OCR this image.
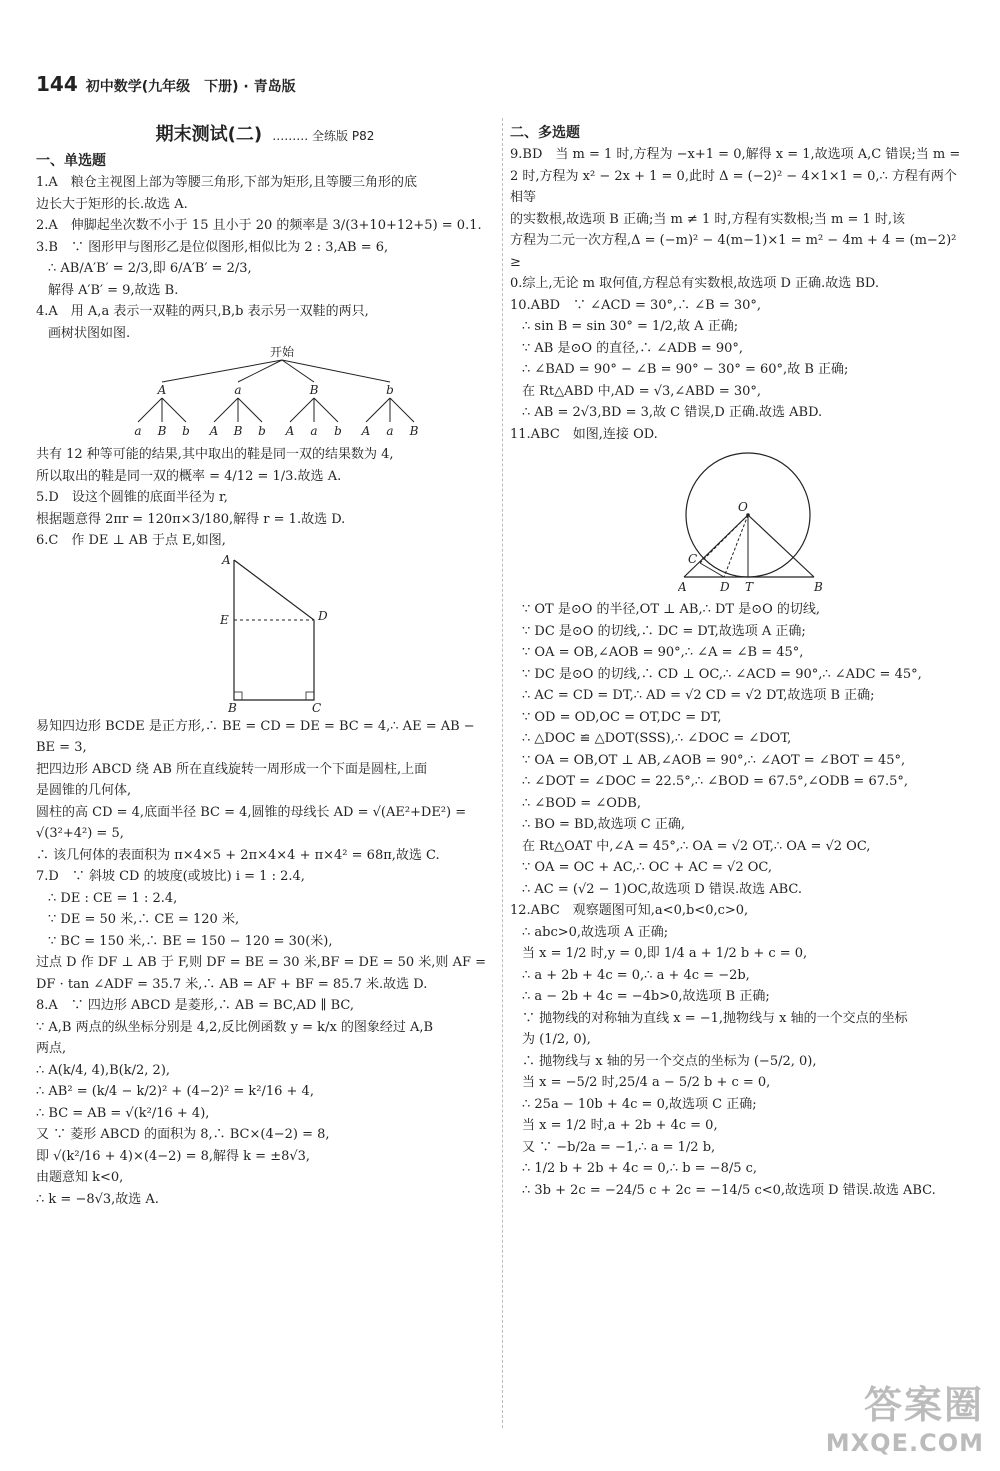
144 初中数学(九年级　下册) · 青岛版
期末测试(二) ……… 全练版 P82
一、单选题

1.A　粮仓主视图上部为等腰三角形,下部为矩形,且等腰三角形的底

边长大于矩形的长.故选 A.

2.A　伸脚起坐次数不小于 15 且小于 20 的频率是 3/(3+10+12+5) = 0.1.

3.B　∵ 图形甲与图形乙是位似图形,相似比为 2 : 3,AB = 6,

∴ AB/A′B′ = 2/3,即 6/A′B′ = 2/3,

解得 A′B′ = 9,故选 B.

4.A　用 A,a 表示一双鞋的两只,B,b 表示另一双鞋的两只,

画树状图如图.

开始
A
a B b
a
A B b
B
A a b
b
A a B

共有 12 种等可能的结果,其中取出的鞋是同一双的结果数为 4,

所以取出的鞋是同一双的概率 = 4/12 = 1/3.故选 A.

5.D　设这个圆锥的底面半径为 r,

根据题意得 2πr = 120π×3/180,解得 r = 1.故选 D.

6.C　作 DE ⊥ AB 于点 E,如图,

A
E	D
B	C

易知四边形 BCDE 是正方形,∴ BE = CD = DE = BC = 4,∴ AE = AB − BE = 3,

把四边形 ABCD 绕 AB 所在直线旋转一周形成一个下面是圆柱,上面

是圆锥的几何体,

圆柱的高 CD = 4,底面半径 BC = 4,圆锥的母线长 AD = √(AE²+DE²) =

√(3²+4²) = 5,

∴ 该几何体的表面积为 π×4×5 + 2π×4×4 + π×4² = 68π,故选 C.

7.D　∵ 斜坡 CD 的坡度(或坡比) i = 1 : 2.4,

∴ DE : CE = 1 : 2.4,

∵ DE = 50 米,∴ CE = 120 米,

∵ BC = 150 米,∴ BE = 150 − 120 = 30(米),

过点 D 作 DF ⊥ AB 于 F,则 DF = BE = 30 米,BF = DE = 50 米,则 AF =

DF · tan ∠ADF = 35.7 米,∴ AB = AF + BF = 85.7 米.故选 D.

8.A　∵ 四边形 ABCD 是菱形,∴ AB = BC,AD ∥ BC,

∵ A,B 两点的纵坐标分别是 4,2,反比例函数 y = k/x 的图象经过 A,B

两点,

∴ A(k/4, 4),B(k/2, 2),

∴ AB² = (k/4 − k/2)² + (4−2)² = k²/16 + 4,

∴ BC = AB = √(k²/16 + 4),

又 ∵ 菱形 ABCD 的面积为 8,∴ BC×(4−2) = 8,

即 √(k²/16 + 4)×(4−2) = 8,解得 k = ±8√3,

由题意知 k<0,

∴ k = −8√3,故选 A.

二、多选题

9.BD　当 m = 1 时,方程为 −x+1 = 0,解得 x = 1,故选项 A,C 错误;当 m =

2 时,方程为 x² − 2x + 1 = 0,此时 Δ = (−2)² − 4×1×1 = 0,∴ 方程有两个相等

的实数根,故选项 B 正确;当 m ≠ 1 时,方程有实数根;当 m = 1 时,该

方程为二元一次方程,Δ = (−m)² − 4(m−1)×1 = m² − 4m + 4 = (m−2)² ≥

0.综上,无论 m 取何值,方程总有实数根,故选项 D 正确.故选 BD.

10.ABD　∵ ∠ACD = 30°,∴ ∠B = 30°,

∴ sin B = sin 30° = 1/2,故 A 正确;

∵ AB 是⊙O 的直径,∴ ∠ADB = 90°,

∴ ∠BAD = 90° − ∠B = 90° − 30° = 60°,故 B 正确;

在 Rt△ABD 中,AD = √3,∠ABD = 30°,

∴ AB = 2√3,BD = 3,故 C 错误,D 正确.故选 ABD.

11.ABC　如图,连接 OD.

O
A	B
C
D T

∵ OT 是⊙O 的半径,OT ⊥ AB,∴ DT 是⊙O 的切线,

∵ DC 是⊙O 的切线,∴ DC = DT,故选项 A 正确;

∵ OA = OB,∠AOB = 90°,∴ ∠A = ∠B = 45°,

∵ DC 是⊙O 的切线,∴ CD ⊥ OC,∴ ∠ACD = 90°,∴ ∠ADC = 45°,

∴ AC = CD = DT,∴ AD = √2 CD = √2 DT,故选项 B 正确;

∵ OD = OD,OC = OT,DC = DT,

∴ △DOC ≌ △DOT(SSS),∴ ∠DOC = ∠DOT,

∵ OA = OB,OT ⊥ AB,∠AOB = 90°,∴ ∠AOT = ∠BOT = 45°,

∴ ∠DOT = ∠DOC = 22.5°,∴ ∠BOD = 67.5°,∠ODB = 67.5°,

∴ ∠BOD = ∠ODB,

∴ BO = BD,故选项 C 正确,

在 Rt△OAT 中,∠A = 45°,∴ OA = √2 OT,∴ OA = √2 OC,

∵ OA = OC + AC,∴ OC + AC = √2 OC,

∴ AC = (√2 − 1)OC,故选项 D 错误.故选 ABC.

12.ABC　观察题图可知,a<0,b<0,c>0,

∴ abc>0,故选项 A 正确;

当 x = 1/2 时,y = 0,即 1/4 a + 1/2 b + c = 0,

∴ a + 2b + 4c = 0,∴ a + 4c = −2b,

∴ a − 2b + 4c = −4b>0,故选项 B 正确;

∵ 抛物线的对称轴为直线 x = −1,抛物线与 x 轴的一个交点的坐标

为 (1/2, 0),

∴ 抛物线与 x 轴的另一个交点的坐标为 (−5/2, 0),

当 x = −5/2 时,25/4 a − 5/2 b + c = 0,

∴ 25a − 10b + 4c = 0,故选项 C 正确;

当 x = 1/2 时,a + 2b + 4c = 0,

又 ∵ −b/2a = −1,∴ a = 1/2 b,

∴ 1/2 b + 2b + 4c = 0,∴ b = −8/5 c,

∴ 3b + 2c = −24/5 c + 2c = −14/5 c<0,故选项 D 错误.故选 ABC.

答案圈
MXQE.COM
